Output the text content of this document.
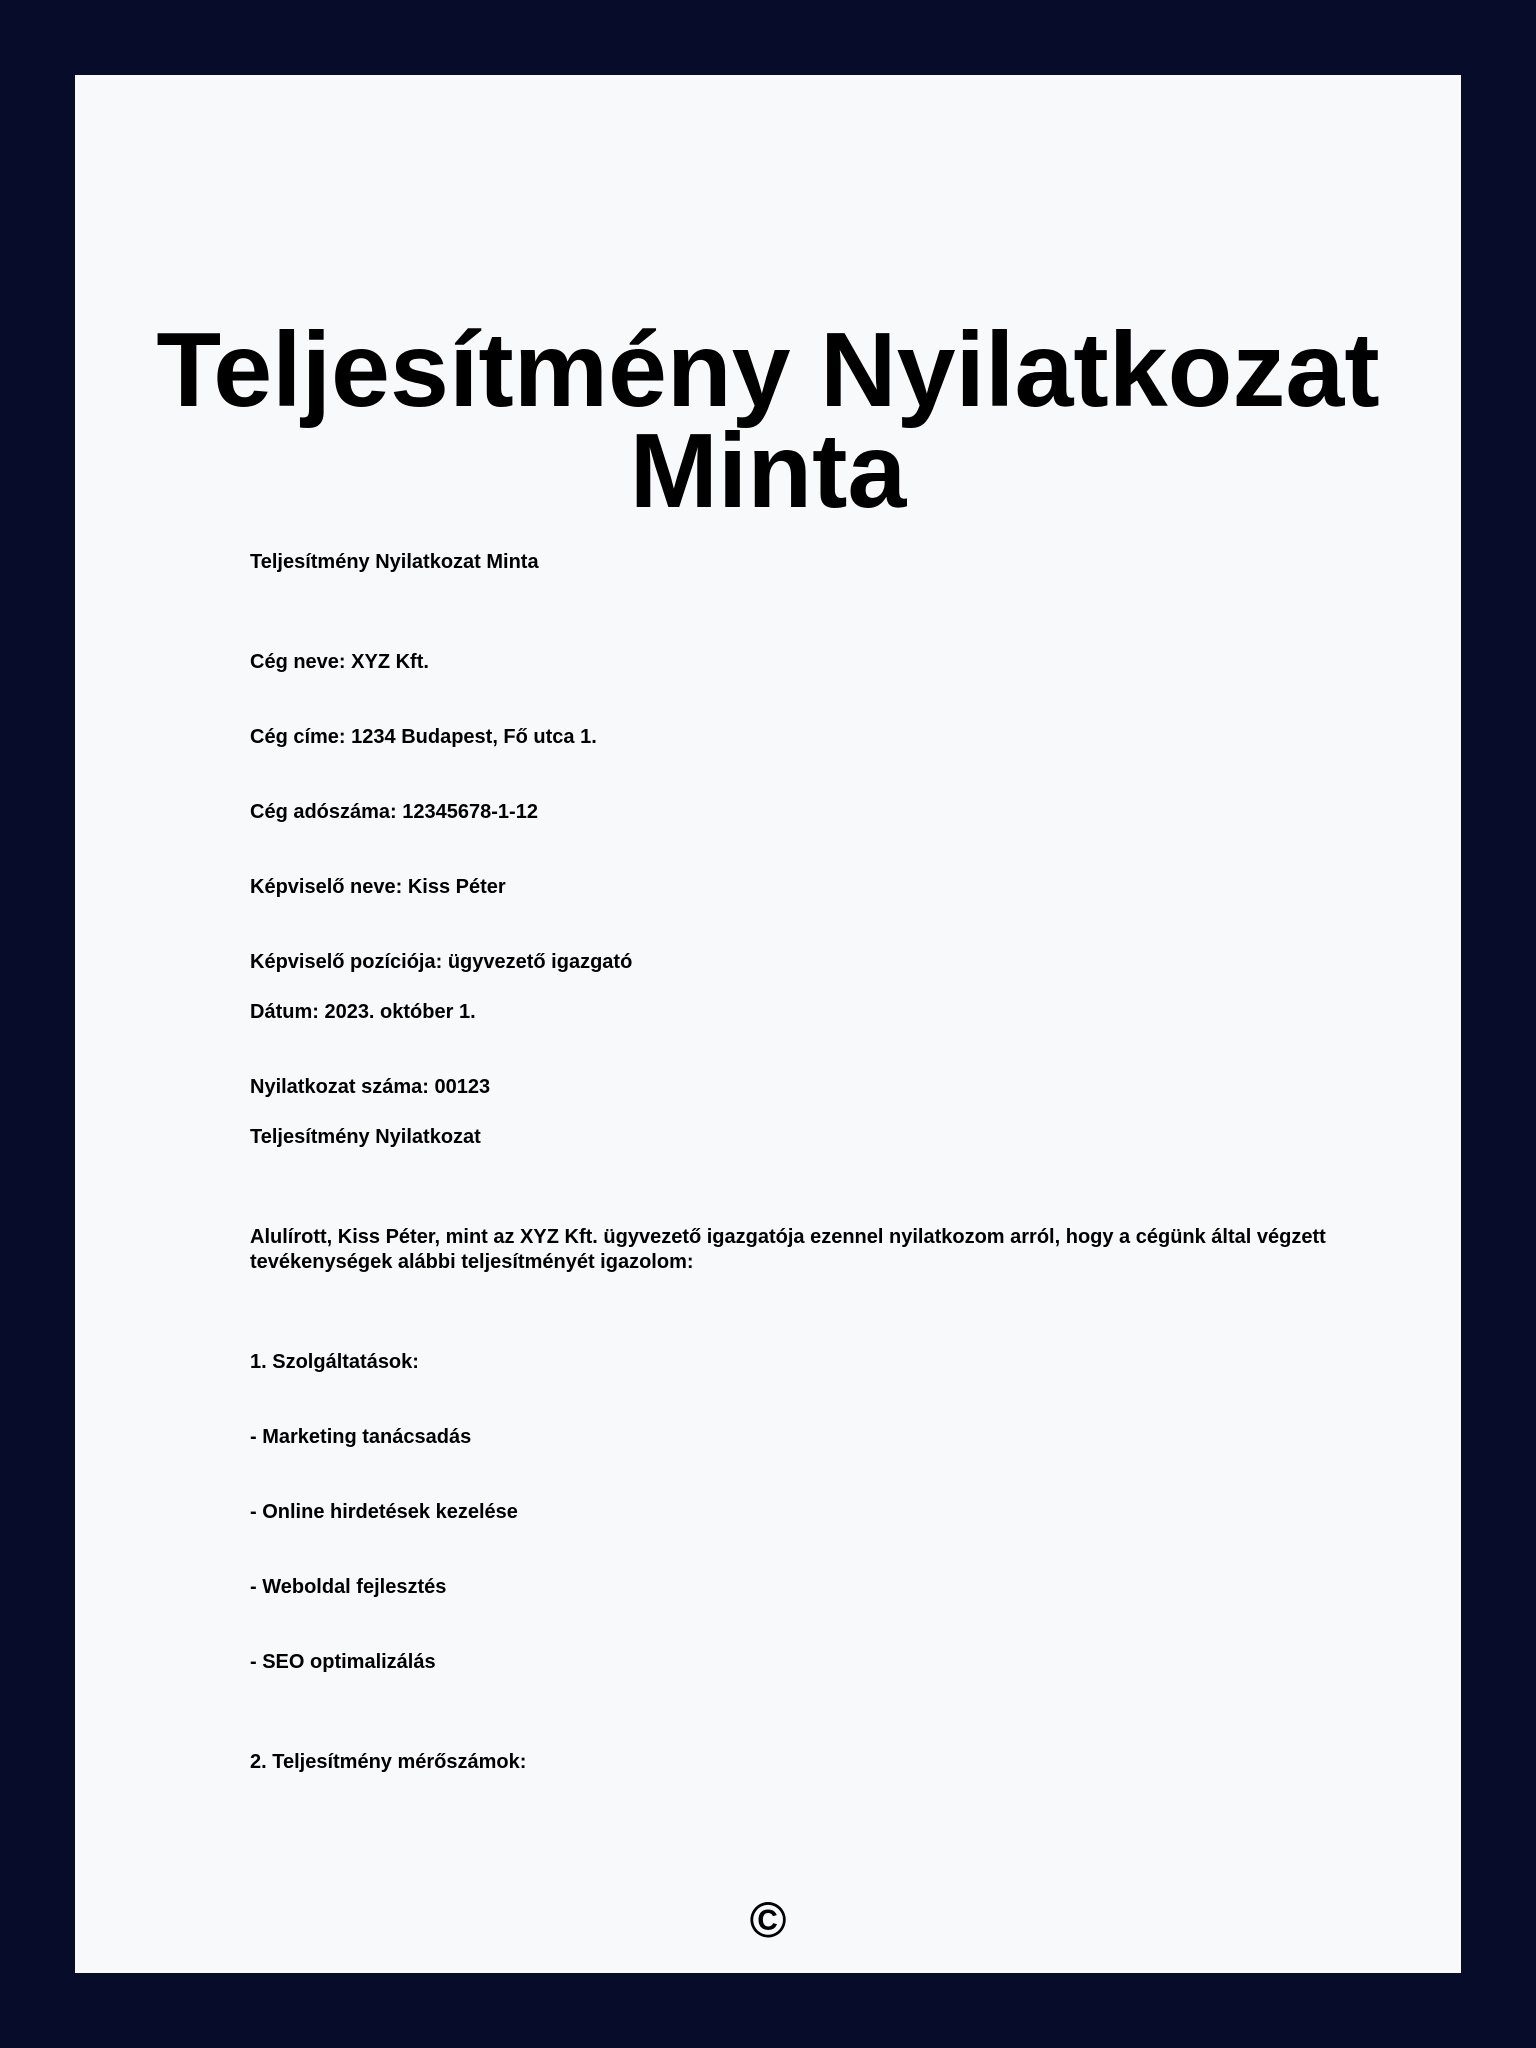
Teljesítmény Nyilatkozat Minta

Teljesítmény Nyilatkozat Minta

Cég neve: XYZ Kft.

Cég címe: 1234 Budapest, Fő utca 1.

Cég adószáma: 12345678-1-12

Képviselő neve: Kiss Péter

Képviselő pozíciója: ügyvezető igazgató

Dátum: 2023. október 1.

Nyilatkozat száma: 00123

Teljesítmény Nyilatkozat

Alulírott, Kiss Péter, mint az XYZ Kft. ügyvezető igazgatója ezennel nyilatkozom arról, hogy a cégünk által végzett tevékenységek alábbi teljesítményét igazolom:

1. Szolgáltatások:

- Marketing tanácsadás

- Online hirdetések kezelése

- Weboldal fejlesztés

- SEO optimalizálás

2. Teljesítmény mérőszámok:

©
